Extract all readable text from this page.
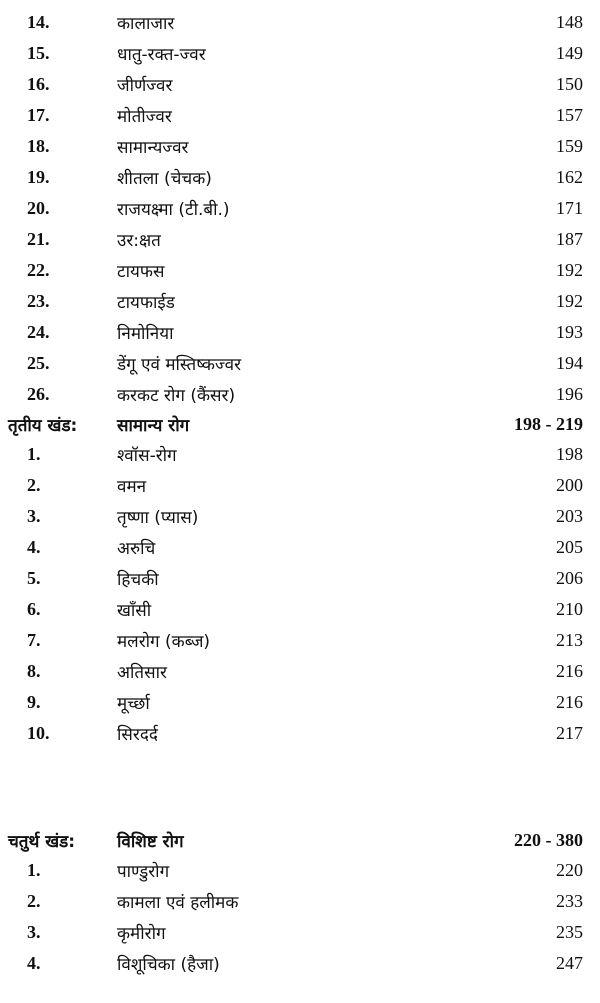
14.	कालाजार	148
15.	धातु-रक्त-ज्वर	149
16.	जीर्णज्वर	150
17.	मोतीज्वर	157
18.	सामान्यज्वर	159
19.	शीतला (चेचक)	162
20.	राजयक्ष्मा (टी.बी.)	171
21.	उर:क्षत	187
22.	टायफस	192
23.	टायफाईड	192
24.	निमोनिया	193
25.	डेंगू एवं मस्तिष्कज्वर	194
26.	करकट रोग (कैंसर)	196
तृतीय खंड: सामान्य रोग	198 - 219
1.	श्वॉस-रोग	198
2.	वमन	200
3.	तृष्णा (प्यास)	203
4.	अरुचि	205
5.	हिचकी	206
6.	खाँसी	210
7.	मलरोग (कब्ज)	213
8.	अतिसार	216
9.	मूर्च्छा	216
10.	सिरदर्द	217
चतुर्थ खंड: विशिष्ट रोग	220 - 380
1.	पाण्डुरोग	220
2.	कामला एवं हलीमक	233
3.	कृमीरोग	235
4.	विशूचिका (हैजा)	247
